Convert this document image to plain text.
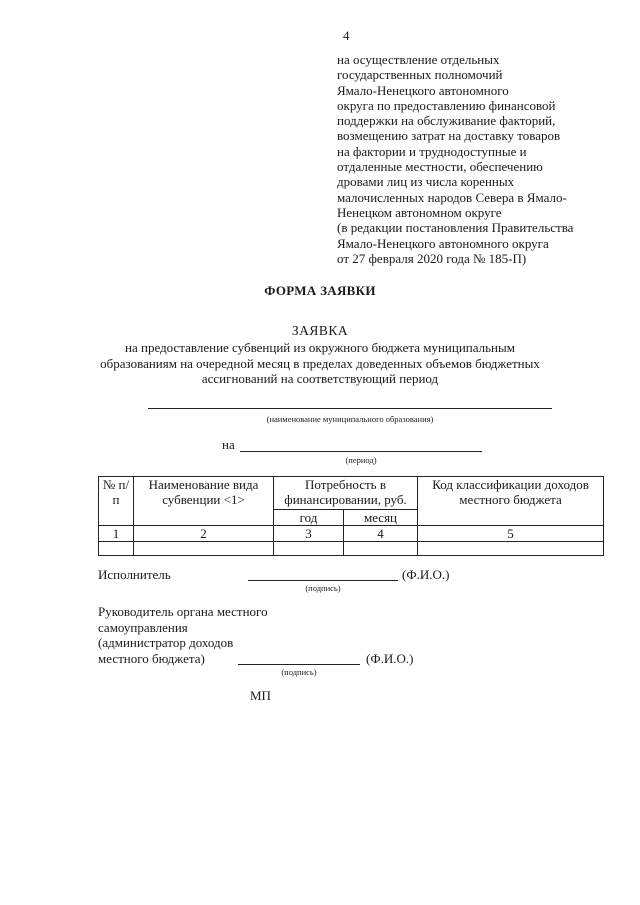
4
на осуществление отдельных
государственных полномочий
Ямало-Ненецкого автономного
округа по предоставлению финансовой
поддержки на обслуживание факторий,
возмещению затрат на доставку товаров
на фактории и труднодоступные и
отдаленные местности, обеспечению
дровами лиц из числа коренных
малочисленных народов Севера в Ямало-
Ненецком автономном округе
(в редакции постановления Правительства
Ямало-Ненецкого автономного округа
от 27 февраля 2020 года № 185-П)
ФОРМА ЗАЯВКИ
ЗАЯВКА
на предоставление субвенций из окружного бюджета муниципальным
образованиям на очередной месяц в пределах доведенных объемов бюджетных
ассигнований на соответствующий период
(наименование муниципального образования)
на
(период)
№ п/п	Наименование вида субвенции <1>	Потребность в финансировании, руб.		Код классификации доходов местного бюджета
		год	месяц	
1	2	3	4	5

Исполнитель	(Ф.И.О.)
(подпись)
Руководитель органа местного
самоуправления
(администратор доходов
местного бюджета)	(Ф.И.О.)
(подпись)
МП
